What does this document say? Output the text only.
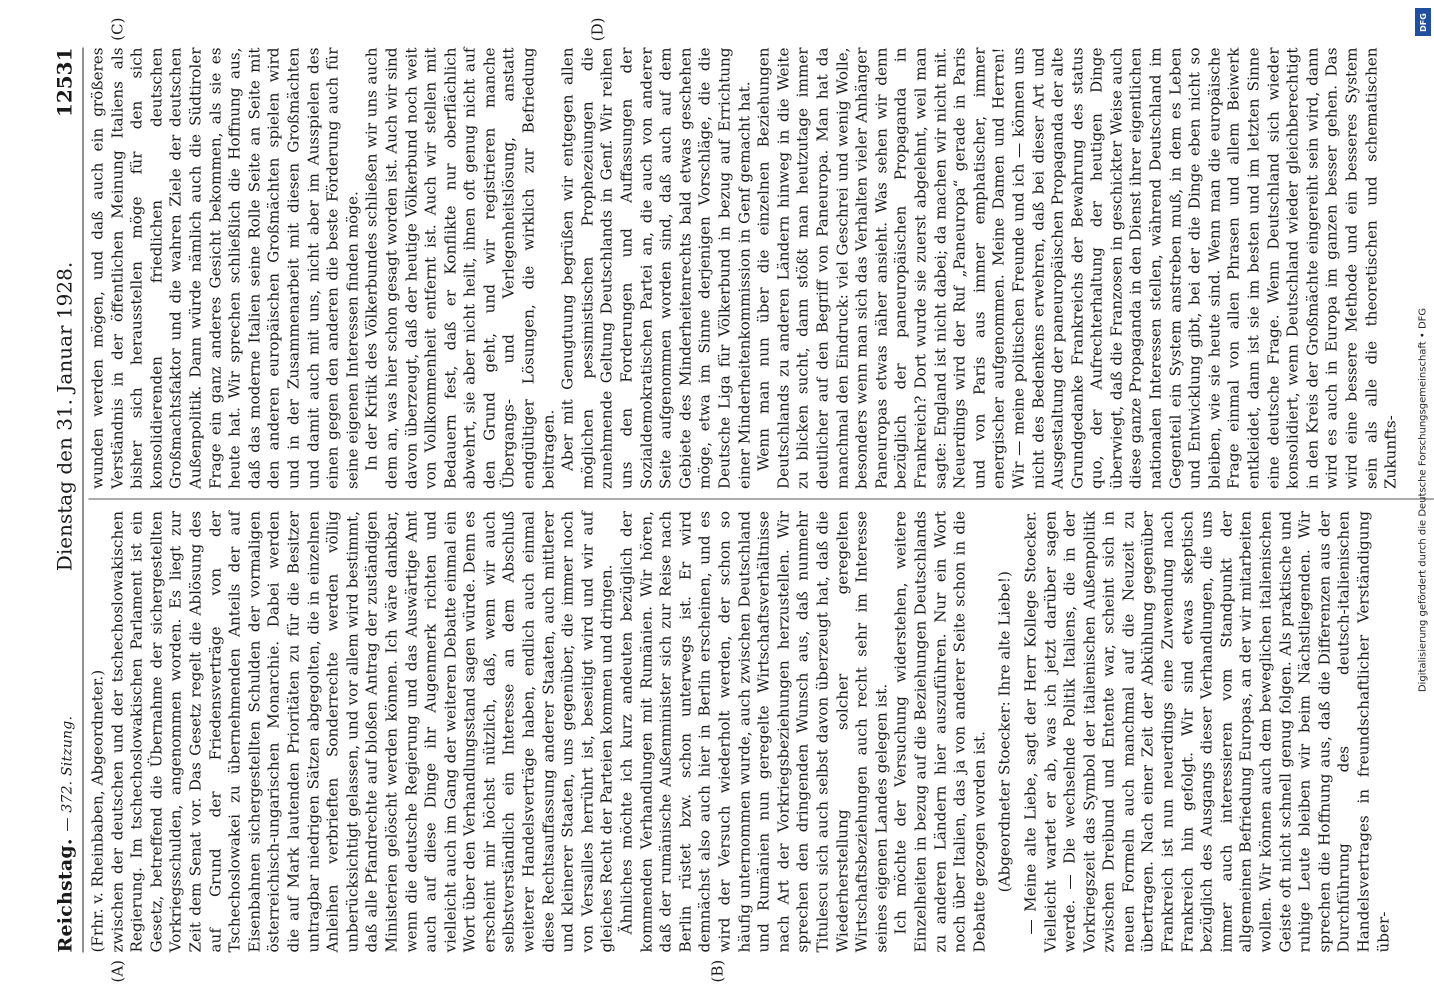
Reichstag. — 372. Sitzung.
Dienstag den 31. Januar 1928.
12531
(A)	(B)

(Frhr. v. Rheinbaben, Abgeordneter.) zwischen der deutschen und der tschechoslowakischen Regierung. Im tschechoslowakischen Parlament ist ein Gesetz, betreffend die Übernahme der sichergestellten Vorkriegsschulden, angenommen worden. Es liegt zur Zeit dem Senat vor. Das Gesetz regelt die Ablösung des auf Grund der Friedensverträge von der Tschechoslowakei zu übernehmenden Anteils der auf Eisenbahnen sichergestellten Schulden der vormaligen österreichisch-ungarischen Monarchie. Dabei werden die auf Mark lautenden Prioritäten zu für die Besitzer untragbar niedrigen Sätzen abgegolten, die in einzelnen Anleihen verbrieften Sonderrechte werden völlig unberücksichtigt gelassen, und vor allem wird bestimmt, daß alle Pfandrechte auf bloßen Antrag der zuständigen Ministerien gelöscht werden können. Ich wäre dankbar, wenn die deutsche Regierung und das Auswärtige Amt auch auf diese Dinge ihr Augenmerk richten und vielleicht auch im Gang der weiteren Debatte einmal ein Wort über den Verhandlungsstand sagen würde. Denn es erscheint mir höchst nützlich, daß, wenn wir auch selbstverständlich ein Interesse an dem Abschluß weiterer Handelsverträge haben, endlich auch einmal diese Rechtsauffassung anderer Staaten, auch mittlerer und kleinerer Staaten, uns gegenüber, die immer noch von Versailles herrührt ist, beseitigt wird und wir auf gleiches Recht der Parteien kommen und dringen. Ähnliches möchte ich kurz andeuten bezüglich der kommenden Verhandlungen mit Rumänien. Wir hören, daß der rumänische Außenminister sich zur Reise nach Berlin rüstet bzw. schon unterwegs ist. Er wird demnächst also auch hier in Berlin erscheinen, und es wird der Versuch wiederholt werden, der schon so häufig unternommen wurde, auch zwischen Deutschland und Rumänien nun geregelte Wirtschaftsverhältnisse nach Art der Vorkriegsbeziehungen herzustellen. Wir sprechen den dringenden Wunsch aus, daß nunmehr Titulescu sich auch selbst davon überzeugt hat, daß die Wiederherstellung solcher geregelten Wirtschaftsbeziehungen auch recht sehr im Interesse seines eigenen Landes gelegen ist. Ich möchte der Versuchung widerstehen, weitere Einzelheiten in bezug auf die Beziehungen Deutschlands zu anderen Ländern hier auszuführen. Nur ein Wort noch über Italien, das ja von anderer Seite schon in die Debatte gezogen worden ist. (Abgeordneter Stoecker: Ihre alte Liebe!) — Meine alte Liebe, sagt der Herr Kollege Stoecker. Vielleicht wartet er ab, was ich jetzt darüber sagen werde. — Die wechselnde Politik Italiens, die in der Vorkriegszeit das Symbol der italienischen Außenpolitik zwischen Dreibund und Entente war, scheint sich in neuen Formeln auch manchmal auf die Neuzeit zu übertragen. Nach einer Zeit der Abkühlung gegenüber Frankreich ist nun neuerdings eine Zuwendung nach Frankreich hin gefolgt. Wir sind etwas skeptisch bezüglich des Ausgangs dieser Verhandlungen, die uns immer auch interessieren vom Standpunkt der allgemeinen Befriedung Europas, an der wir mitarbeiten wollen. Wir können auch dem beweglichen italienischen Geiste oft nicht schnell genug folgen. Als praktische und ruhige Leute bleiben wir beim Nächstliegenden. Wir sprechen die Hoffnung aus, daß die Differenzen aus der Durchführung des deutsch-italienischen Handelsvertrages in freundschaftlicher Verständigung über-

(C)	(D)

wunden werden mögen, und daß auch ein größeres Verständnis in der öffentlichen Meinung Italiens als bisher sich herausstellen möge für den sich konsolidierenden friedlichen deutschen Großmachtsfaktor und die wahren Ziele der deutschen Außenpolitik. Dann würde nämlich auch die Südtiroler Frage ein ganz anderes Gesicht bekommen, als sie es heute hat. Wir sprechen schließlich die Hoffnung aus, daß das moderne Italien seine Rolle Seite an Seite mit den anderen europäischen Großmächten spielen wird und in der Zusammenarbeit mit diesen Großmächten und damit auch mit uns, nicht aber im Ausspielen des einen gegen den anderen die beste Förderung auch für seine eigenen Interessen finden möge. In der Kritik des Völkerbundes schließen wir uns auch dem an, was hier schon gesagt worden ist. Auch wir sind davon überzeugt, daß der heutige Völkerbund noch weit von Vollkommenheit entfernt ist. Auch wir stellen mit Bedauern fest, daß er Konflikte nur oberflächlich abwehrt, sie aber nicht heilt, ihnen oft genug nicht auf den Grund geht, und wir registrieren manche Übergangs- und Verlegenheitslösung, anstatt endgültiger Lösungen, die wirklich zur Befriedung beitragen. Aber mit Genugtuung begrüßen wir entgegen allen möglichen pessimistischen Prophezeiungen die zunehmende Geltung Deutschlands in Genf. Wir reihen uns den Forderungen und Auffassungen der Sozialdemokratischen Partei an, die auch von anderer Seite aufgenommen worden sind, daß auch auf dem Gebiete des Minderheitenrechts bald etwas geschehen möge, etwa im Sinne derjenigen Vorschläge, die die Deutsche Liga für Völkerbund in bezug auf Errichtung einer Minderheitenkommission in Genf gemacht hat. Wenn man nun über die einzelnen Beziehungen Deutschlands zu anderen Ländern hinweg in die Weite zu blicken sucht, dann stößt man heutzutage immer deutlicher auf den Begriff von Paneuropa. Man hat da manchmal den Eindruck: viel Geschrei und wenig Wolle, besonders wenn man sich das Verhalten vieler Anhänger Paneuropas etwas näher ansieht. Was sehen wir denn bezüglich der paneuropäischen Propaganda in Frankreich? Dort wurde sie zuerst abgelehnt, weil man sagte: England ist nicht dabei; da machen wir nicht mit. Neuerdings wird der Ruf „Paneuropa“ gerade in Paris und von Paris aus immer emphatischer, immer energischer aufgenommen. Meine Damen und Herren! Wir — meine politischen Freunde und ich — können uns nicht des Bedenkens erwehren, daß bei dieser Art und Ausgestaltung der paneuropäischen Propaganda der alte Grundgedanke Frankreichs der Bewahrung des status quo, der Aufrechterhaltung der heutigen Dinge überwiegt, daß die Franzosen in geschickter Weise auch diese ganze Propaganda in den Dienst ihrer eigentlichen nationalen Interessen stellen, während Deutschland im Gegenteil ein System anstreben muß, in dem es Leben und Entwicklung gibt, bei der die Dinge eben nicht so bleiben, wie sie heute sind. Wenn man die europäische Frage einmal von allen Phrasen und allem Beiwerk entkleidet, dann ist sie im besten und im letzten Sinne eine deutsche Frage. Wenn Deutschland sich wieder konsolidiert, wenn Deutschland wieder gleichberechtigt in den Kreis der Großmächte eingereiht sein wird, dann wird es auch in Europa im ganzen besser gehen. Das wird eine bessere Methode und ein besseres System sein als alle die theoretischen und schematischen Zukunfts-

DFG
Digitalisierung gefördert durch die Deutsche Forschungsgemeinschaft • DFG
